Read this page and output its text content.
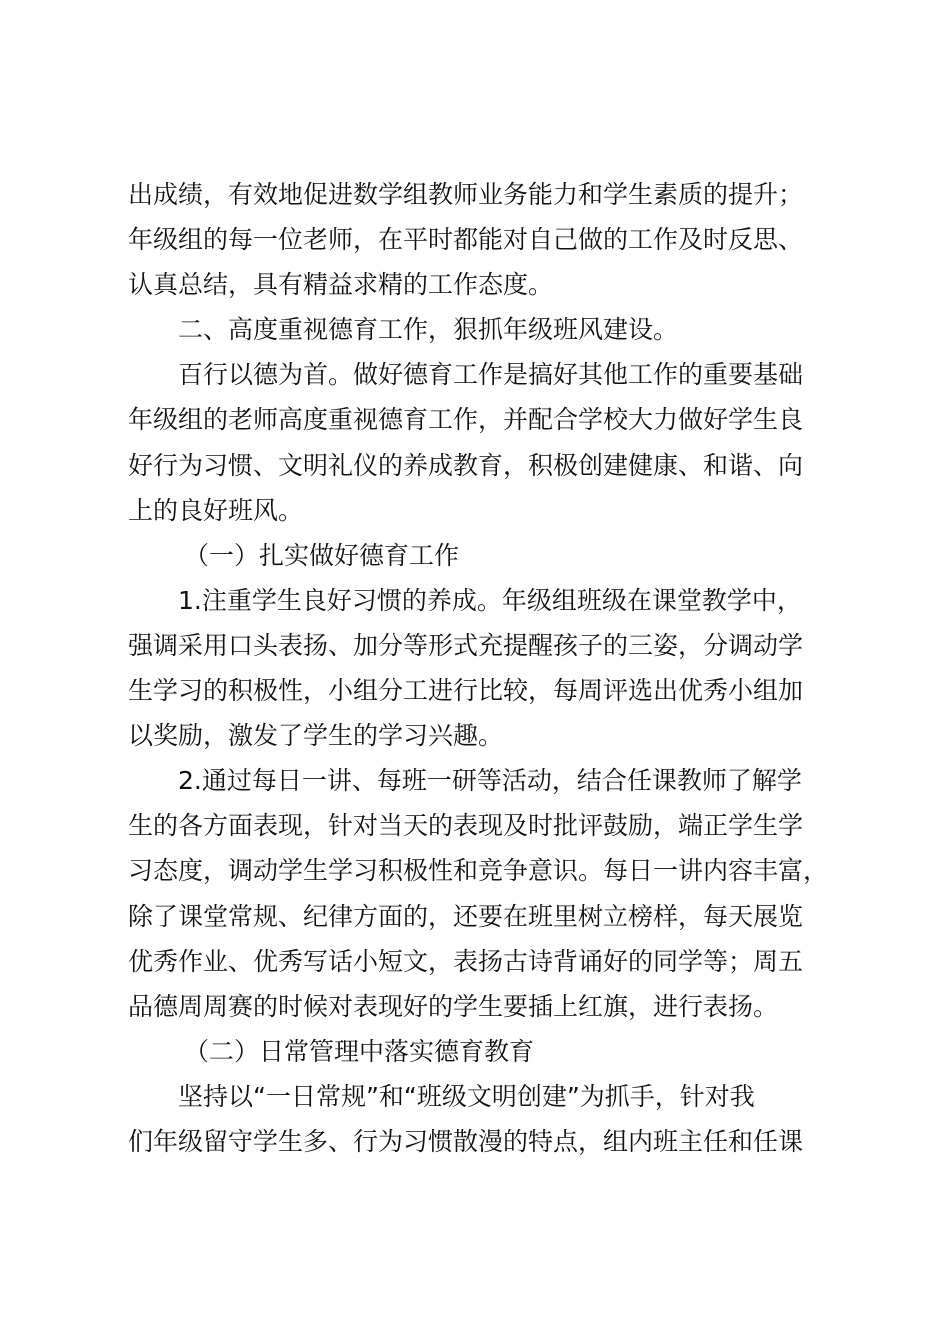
出成绩，有效地促进数学组教师业务能力和学生素质的提升；
年级组的每一位老师，在平时都能对自己做的工作及时反思、
认真总结，具有精益求精的工作态度。
二、高度重视德育工作，狠抓年级班风建设。
百行以德为首。做好德育工作是搞好其他工作的重要基础
年级组的老师高度重视德育工作，并配合学校大力做好学生良
好行为习惯、文明礼仪的养成教育，积极创建健康、和谐、向
上的良好班风。
（一）扎实做好德育工作
1.注重学生良好习惯的养成。年级组班级在课堂教学中，
强调采用口头表扬、加分等形式充提醒孩子的三姿，分调动学
生学习的积极性，小组分工进行比较，每周评选出优秀小组加
以奖励，激发了学生的学习兴趣。
2.通过每日一讲、每班一研等活动，结合任课教师了解学
生的各方面表现，针对当天的表现及时批评鼓励，端正学生学
习态度，调动学生学习积极性和竞争意识。每日一讲内容丰富，
除了课堂常规、纪律方面的，还要在班里树立榜样，每天展览
优秀作业、优秀写话小短文，表扬古诗背诵好的同学等；周五
品德周周赛的时候对表现好的学生要插上红旗，进行表扬。
（二）日常管理中落实德育教育
坚持以“一日常规”和“班级文明创建”为抓手，针对我
们年级留守学生多、行为习惯散漫的特点，组内班主任和任课
